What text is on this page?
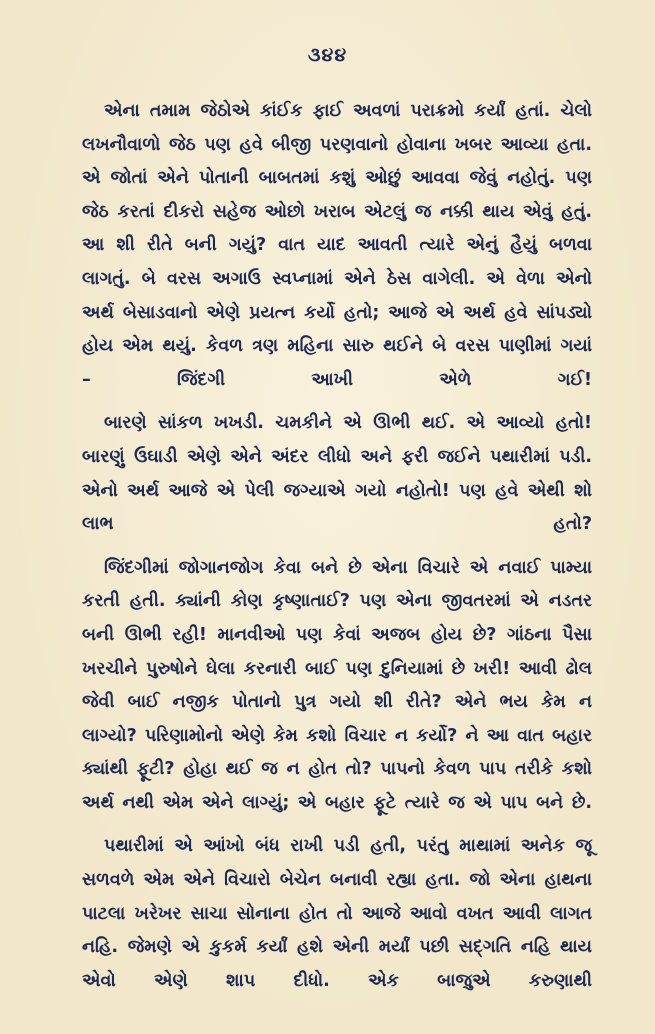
૩૪૪

એના તમામ જેઠોએ કાંઈક ફાઈ અવળાં પરાક્રમો કર્યાં હતાં. ચેલો લખનૌવાળો જેઠ પણ હવે બીજી પરણવાનો હોવાના ખબર આવ્યા હતા. એ જોતાં એને પોતાની બાબતમાં કશું ઓછું આવવા જેવું નહોતું. પણ જેઠ કરતાં દીકરો સહેજ ઓછો ખરાબ એટલું જ નક્કી થાય એવું હતું. આ શી રીતે બની ગયું? વાત યાદ આવતી ત્યારે એનું હૈયું બળવા લાગતું. બે વરસ અગાઉ સ્વપ્નામાં એને ઠેસ વાગેલી. એ વેળા એનો અર્થ બેસાડવાનો એણે પ્રયત્ન કર્યો હતો; આજે એ અર્થ હવે સાંપડ્યો હોય એમ થયું. કેવળ ત્રણ મહિના સારુ થઈને બે વરસ પાણીમાં ગયાં – જિંદગી આખી એળે ગઈ!

બારણે સાંકળ ખખડી. ચમકીને એ ઊભી થઈ. એ આવ્યો હતો! બારણું ઉઘાડી એણે એને અંદર લીધો અને ફરી જઈને પથારીમાં પડી. એનો અર્થ આજે એ પેલી જગ્યાએ ગયો નહોતો! પણ હવે એથી શો લાભ હતો?

જિંદગીમાં જોગાનજોગ કેવા બને છે એના વિચારે એ નવાઈ પામ્યા કરતી હતી. ક્યાંની કોણ કૃષ્ણાતાઈ? પણ એના જીવતરમાં એ નડતર બની ઊભી રહી! માનવીઓ પણ કેવાં અજબ હોય છે? ગાંઠના પૈસા ખરચીને પુરુષોને ઘેલા કરનારી બાઈ પણ દુનિયામાં છે ખરી! આવી ઢોલ જેવી બાઈ નજીક પોતાનો પુત્ર ગયો શી રીતે? એને ભય કેમ ન લાગ્યો? પરિણામોનો એણે કેમ કશો વિચાર ન કર્યો? ને આ વાત બહાર ક્યાંથી ફૂટી? હોહા થઈ જ ન હોત તો? પાપનો કેવળ પાપ તરીકે કશો અર્થ નથી એમ એને લાગ્યું; એ બહાર ફૂટે ત્યારે જ એ પાપ બને છે.

પથારીમાં એ આંખો બંધ રાખી પડી હતી, પરંતુ માથામાં અનેક જૂ સળવળે એમ એને વિચારો બેચેન બનાવી રહ્યા હતા. જો એના હાથના પાટલા ખરેખર સાચા સોનાના હોત તો આજે આવો વખત આવી લાગત નહિ. જેમણે એ કુકર્મ કર્યાં હશે એની મર્યાં પછી સદ્ગતિ નહિ થાય એવો એણે શાપ દીધો. એક બાજુએ કરુણાથી
